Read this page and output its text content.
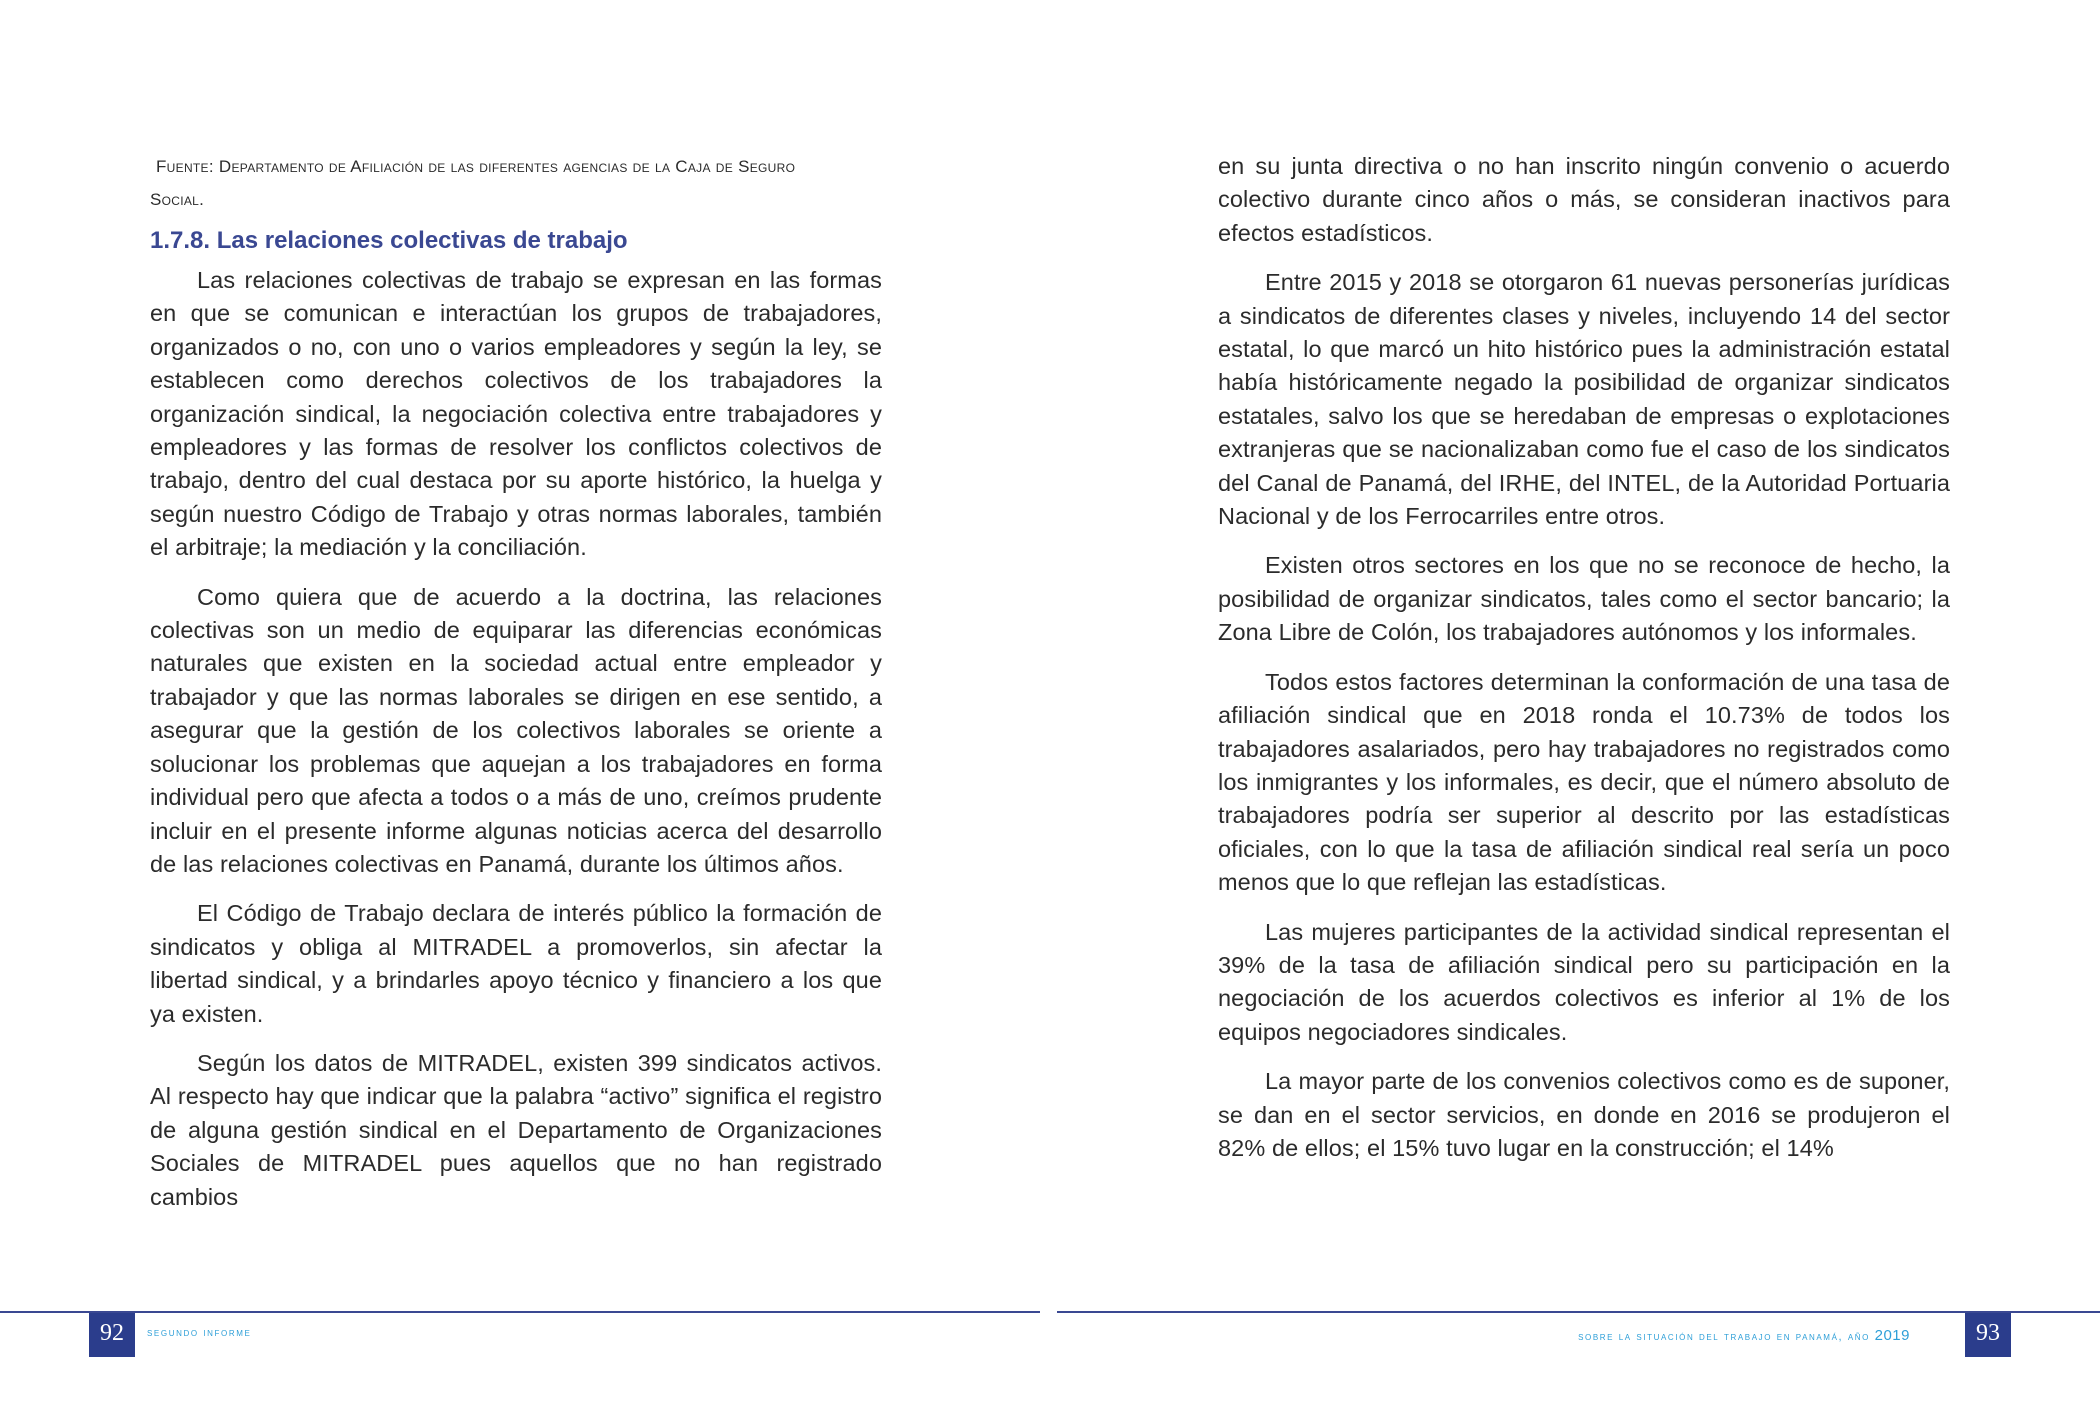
Fuente: Departamento de Afiliación de las diferentes agencias de la Caja de Seguro

Social.

1.7.8. Las relaciones colectivas de trabajo

Las relaciones colectivas de trabajo se expresan en las formas en que se comunican e interactúan los grupos de trabajadores, organizados o no, con uno o varios empleadores y según la ley, se establecen como derechos colectivos de los trabajadores la organización sindical, la negociación colectiva entre trabajadores y empleadores y las formas de resolver los conflictos colectivos de trabajo, dentro del cual destaca por su aporte histórico, la huelga y según nuestro Código de Trabajo y otras normas laborales, también el arbitraje; la mediación y la conciliación.

Como quiera que de acuerdo a la doctrina, las relaciones colectivas son un medio de equiparar las diferencias económicas naturales que existen en la sociedad actual entre empleador y trabajador y que las normas laborales se dirigen en ese sentido, a asegurar que la gestión de los colectivos laborales se oriente a solucionar los problemas que aquejan a los trabajadores en forma individual pero que afecta a todos o a más de uno, creímos prudente incluir en el presente informe algunas noticias acerca del desarrollo de las relaciones colectivas en Panamá, durante los últimos años.

El Código de Trabajo declara de interés público la formación de sindicatos y obliga al MITRADEL a promoverlos, sin afectar la libertad sindical, y a brindarles apoyo técnico y financiero a los que ya existen.

Según los datos de MITRADEL, existen 399 sindicatos activos. Al respecto hay que indicar que la palabra “activo” significa el registro de alguna gestión sindical en el Departamento de Organizaciones Sociales de MITRADEL pues aquellos que no han registrado cambios

en su junta directiva o no han inscrito ningún convenio o acuerdo colectivo durante cinco años o más, se consideran inactivos para efectos estadísticos.

Entre 2015 y 2018 se otorgaron 61 nuevas personerías jurídicas a sindicatos de diferentes clases y niveles, incluyendo 14 del sector estatal, lo que marcó un hito histórico pues la administración estatal había históricamente negado la posibilidad de organizar sindicatos estatales, salvo los que se heredaban de empresas o explotaciones extranjeras que se nacionalizaban como fue el caso de los sindicatos del Canal de Panamá, del IRHE, del INTEL, de la Autoridad Portuaria Nacional y de los Ferrocarriles entre otros.

Existen otros sectores en los que no se reconoce de hecho, la posibilidad de organizar sindicatos, tales como el sector bancario; la Zona Libre de Colón, los trabajadores autónomos y los informales.

Todos estos factores determinan la conformación de una tasa de afiliación sindical que en 2018 ronda el 10.73% de todos los trabajadores asalariados, pero hay trabajadores no registrados como los inmigrantes y los informales, es decir, que el número absoluto de trabajadores podría ser superior al descrito por las estadísticas oficiales, con lo que la tasa de afiliación sindical real sería un poco menos que lo que reflejan las estadísticas.

Las mujeres participantes de la actividad sindical representan el 39% de la tasa de afiliación sindical pero su participación en la negociación de los acuerdos colectivos es inferior al 1% de los equipos negociadores sindicales.

La mayor parte de los convenios colectivos como es de suponer, se dan en el sector servicios, en donde en 2016 se produjeron el 82% de ellos; el 15% tuvo lugar en la construcción; el 14%

92	segundo informe	sobre la situación del trabajo en panamá, año 2019	93
